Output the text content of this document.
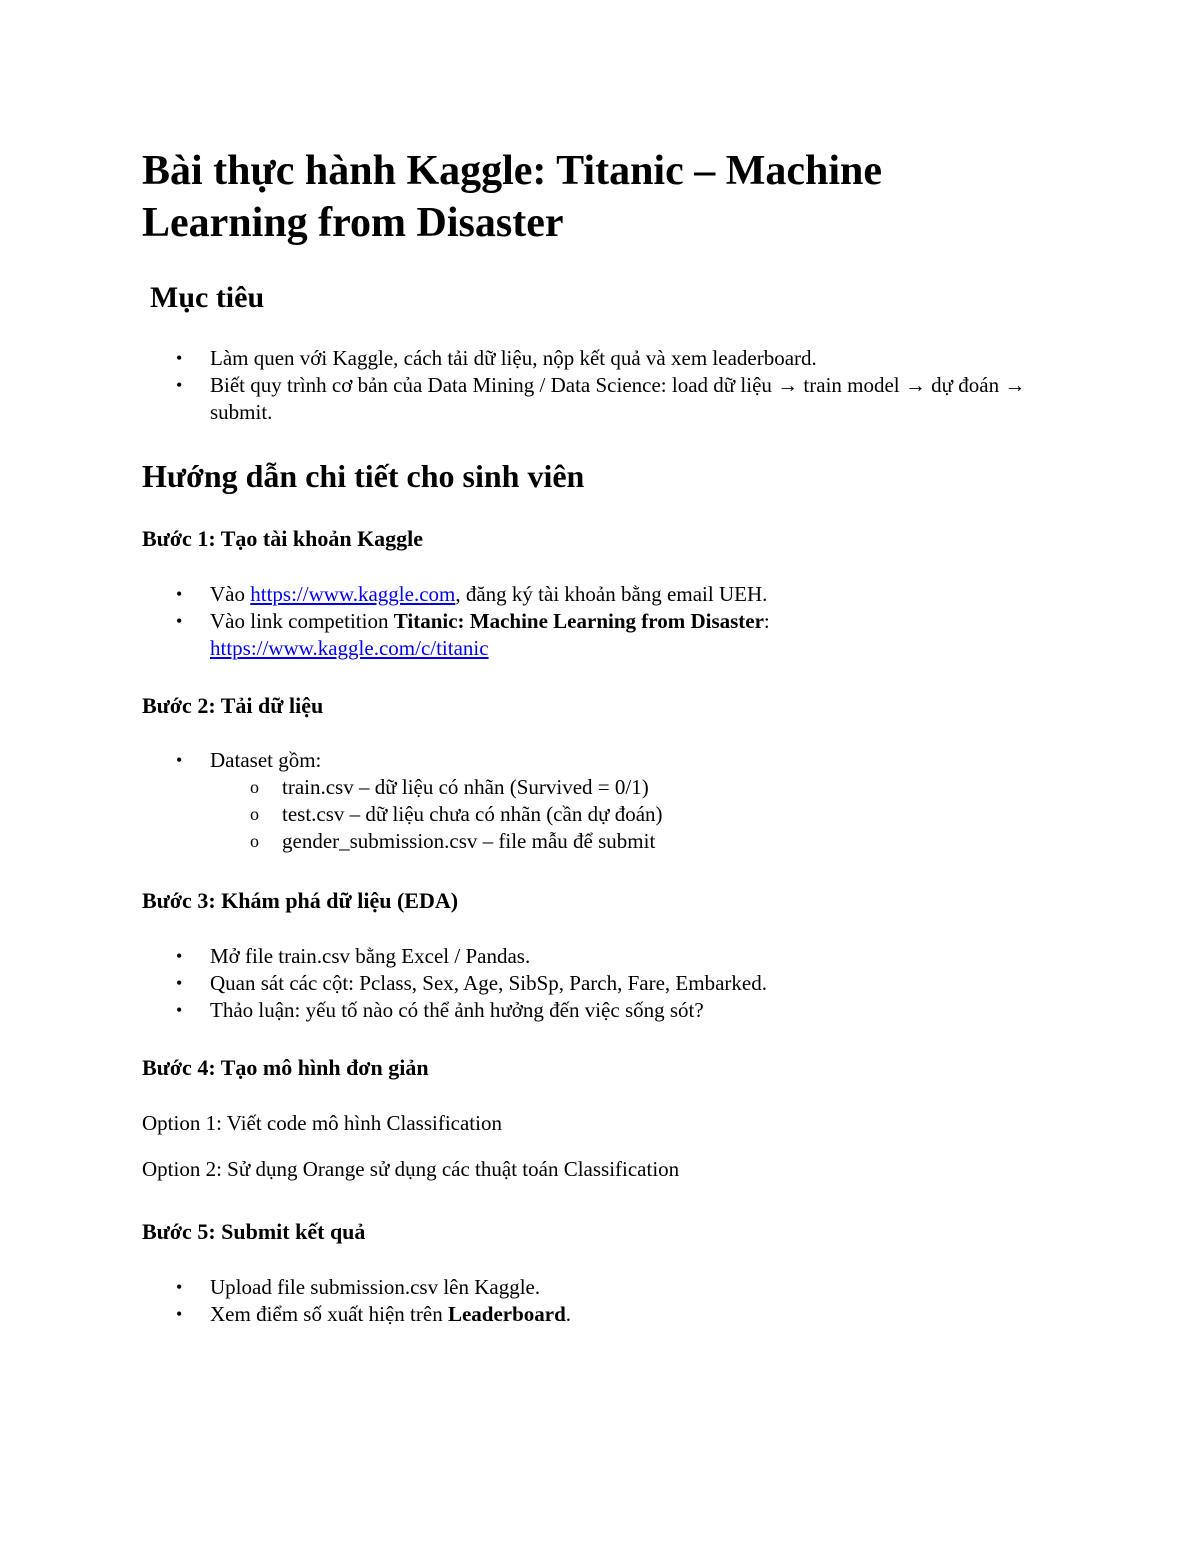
Bài thực hành Kaggle: Titanic – Machine Learning from Disaster
Mục tiêu
• Làm quen với Kaggle, cách tải dữ liệu, nộp kết quả và xem leaderboard.
• Biết quy trình cơ bản của Data Mining / Data Science: load dữ liệu → train model → dự đoán → submit.
Hướng dẫn chi tiết cho sinh viên
Bước 1: Tạo tài khoản Kaggle
• Vào https://www.kaggle.com, đăng ký tài khoản bằng email UEH.
• Vào link competition Titanic: Machine Learning from Disaster:
https://www.kaggle.com/c/titanic
Bước 2: Tải dữ liệu
• Dataset gồm:
o train.csv – dữ liệu có nhãn (Survived = 0/1)
o test.csv – dữ liệu chưa có nhãn (cần dự đoán)
o gender_submission.csv – file mẫu để submit
Bước 3: Khám phá dữ liệu (EDA)
• Mở file train.csv bằng Excel / Pandas.
• Quan sát các cột: Pclass, Sex, Age, SibSp, Parch, Fare, Embarked.
• Thảo luận: yếu tố nào có thể ảnh hưởng đến việc sống sót?
Bước 4: Tạo mô hình đơn giản

Option 1: Viết code mô hình Classification

Option 2: Sử dụng Orange sử dụng các thuật toán Classification

Bước 5: Submit kết quả
• Upload file submission.csv lên Kaggle.
• Xem điểm số xuất hiện trên Leaderboard.
